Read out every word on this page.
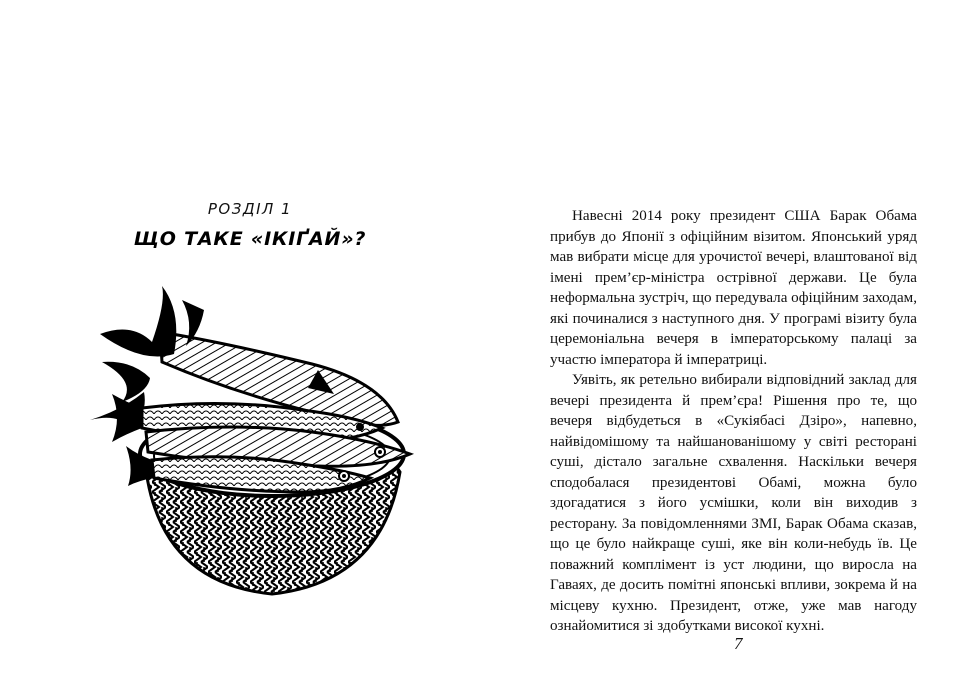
РОЗДІЛ 1
ЩО ТАКЕ «ІКІҐАЙ»?

Навесні 2014 року президент США Барак Обама прибув до Японії з офіційним візитом. Японський уряд мав вибрати місце для урочистої вечері, влаштованої від імені прем’єр-міністра острівної держави. Це була неформальна зустріч, що передувала офіційним заходам, які починалися з наступного дня. У програмі візиту була церемоніальна вечеря в імператорському палаці за участю імператора й імператриці.

Уявіть, як ретельно вибирали відповідний заклад для вечері президента й прем’єра! Рішення про те, що вечеря відбудеться в «Сукіябасі Дзіро», напевно, найвідомішому та найшанованішому у світі ресторані суші, дістало загальне схвалення. Наскільки вечеря сподобалася президентові Обамі, можна було здогадатися з його усмішки, коли він виходив з ресторану. За повідомленнями ЗМІ, Барак Обама сказав, що це було найкраще суші, яке він коли-небудь їв. Це поважний комплімент із уст людини, що виросла на Гаваях, де досить помітні японські впливи, зокрема й на місцеву кухню. Президент, отже, уже мав нагоду ознайомитися зі здобутками високої кухні.

7
